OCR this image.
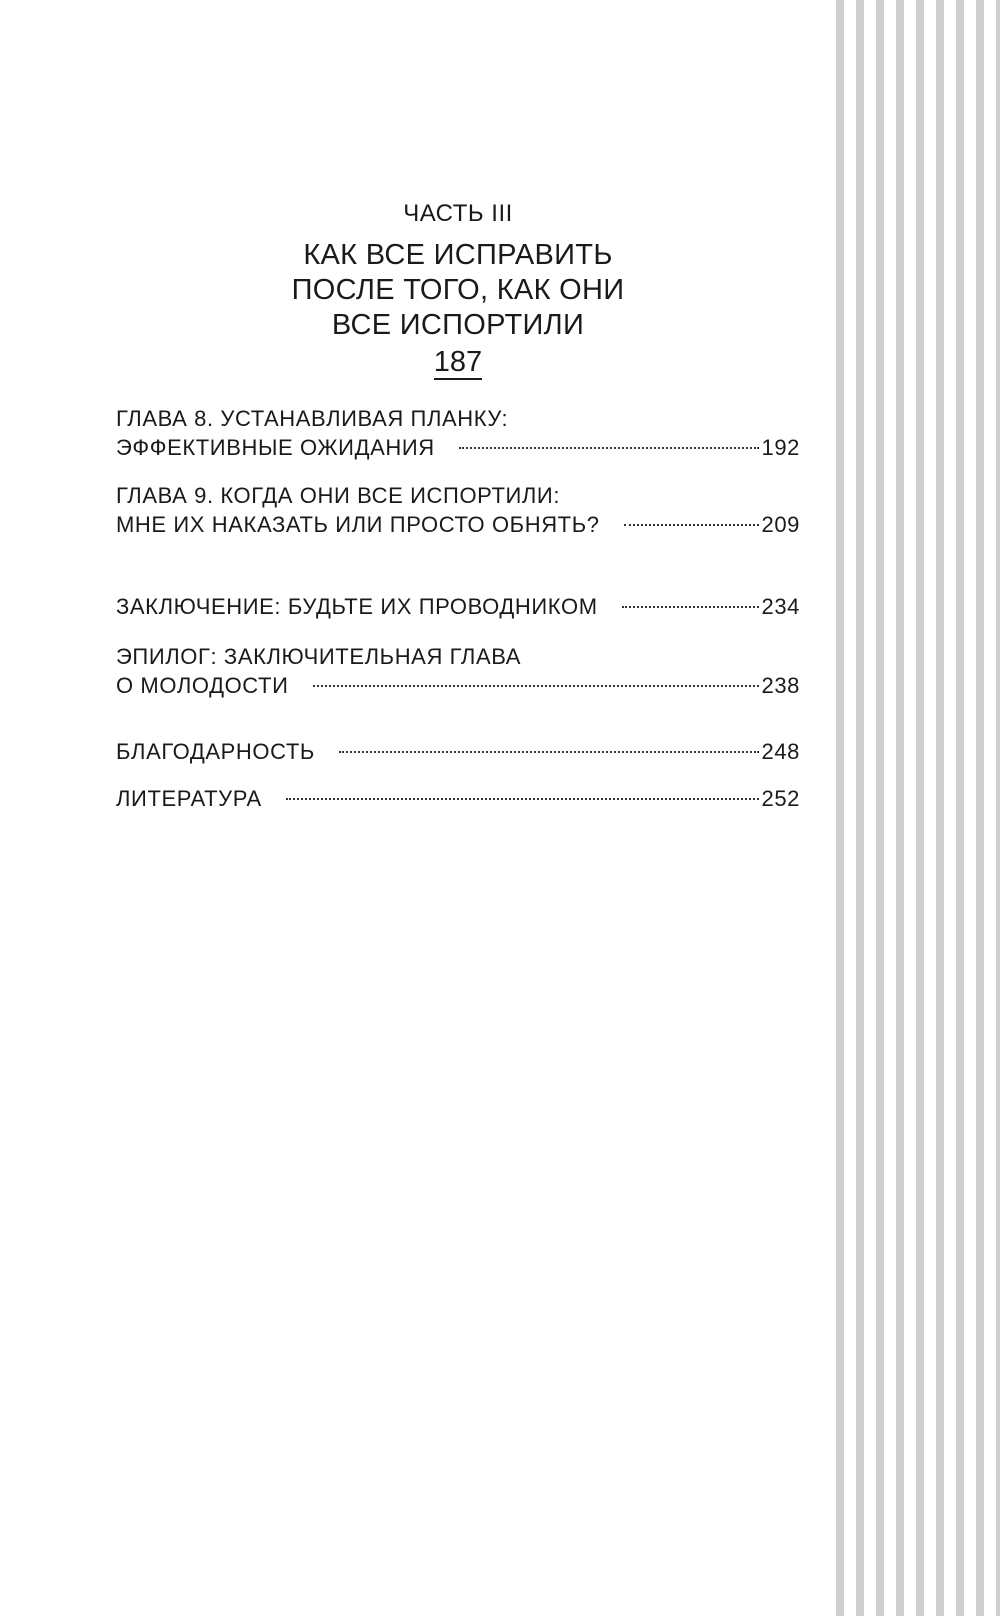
ЧАСТЬ III
КАК ВСЕ ИСПРАВИТЬ
ПОСЛЕ ТОГО, КАК ОНИ
ВСЕ ИСПОРТИЛИ
187
ГЛАВА 8. УСТАНАВЛИВАЯ ПЛАНКУ:
ЭФФЕКТИВНЫЕ ОЖИДАНИЯ	192
ГЛАВА 9. КОГДА ОНИ ВСЕ ИСПОРТИЛИ:
МНЕ ИХ НАКАЗАТЬ ИЛИ ПРОСТО ОБНЯТЬ?	209
ЗАКЛЮЧЕНИЕ: БУДЬТЕ ИХ ПРОВОДНИКОМ	234
ЭПИЛОГ: ЗАКЛЮЧИТЕЛЬНАЯ ГЛАВА
О МОЛОДОСТИ	238
БЛАГОДАРНОСТЬ	248
ЛИТЕРАТУРА	252
